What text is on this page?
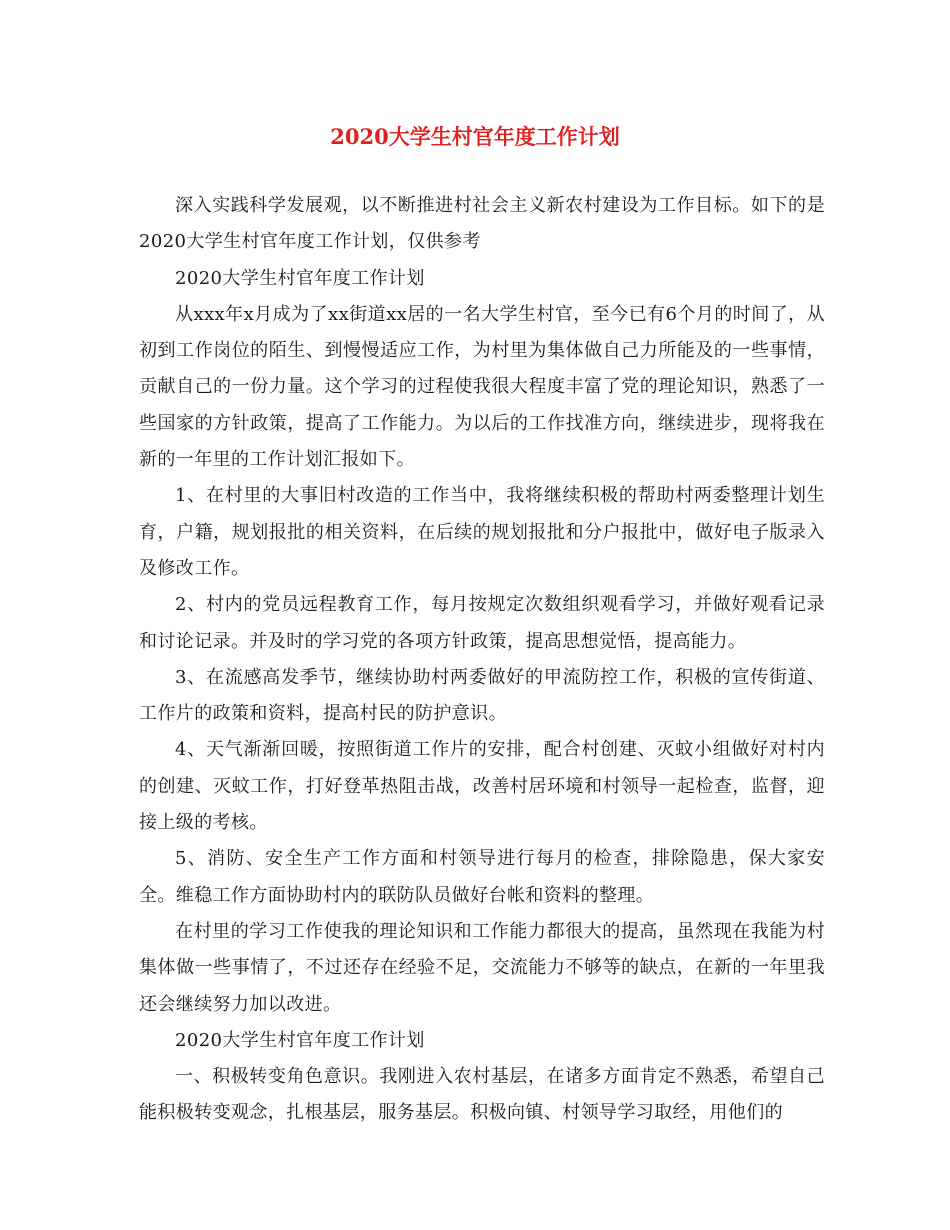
2020大学生村官年度工作计划

深入实践科学发展观，以不断推进村社会主义新农村建设为工作目标。如下的是2020大学生村官年度工作计划，仅供参考

2020大学生村官年度工作计划

从xxx年x月成为了xx街道xx居的一名大学生村官，至今已有6个月的时间了，从初到工作岗位的陌生、到慢慢适应工作，为村里为集体做自己力所能及的一些事情，贡献自己的一份力量。这个学习的过程使我很大程度丰富了党的理论知识，熟悉了一些国家的方针政策，提高了工作能力。为以后的工作找准方向，继续进步，现将我在新的一年里的工作计划汇报如下。

1、在村里的大事旧村改造的工作当中，我将继续积极的帮助村两委整理计划生育，户籍，规划报批的相关资料，在后续的规划报批和分户报批中，做好电子版录入及修改工作。

2、村内的党员远程教育工作，每月按规定次数组织观看学习，并做好观看记录和讨论记录。并及时的学习党的各项方针政策，提高思想觉悟，提高能力。

3、在流感高发季节，继续协助村两委做好的甲流防控工作，积极的宣传街道、工作片的政策和资料，提高村民的防护意识。

4、天气渐渐回暖，按照街道工作片的安排，配合村创建、灭蚊小组做好对村内的创建、灭蚊工作，打好登革热阻击战，改善村居环境和村领导一起检查，监督，迎接上级的考核。

5、消防、安全生产工作方面和村领导进行每月的检查，排除隐患，保大家安全。维稳工作方面协助村内的联防队员做好台帐和资料的整理。

在村里的学习工作使我的理论知识和工作能力都很大的提高，虽然现在我能为村集体做一些事情了，不过还存在经验不足，交流能力不够等的缺点，在新的一年里我还会继续努力加以改进。

2020大学生村官年度工作计划

一、积极转变角色意识。我刚进入农村基层，在诸多方面肯定不熟悉，希望自己能积极转变观念，扎根基层，服务基层。积极向镇、村领导学习取经，用他们的
